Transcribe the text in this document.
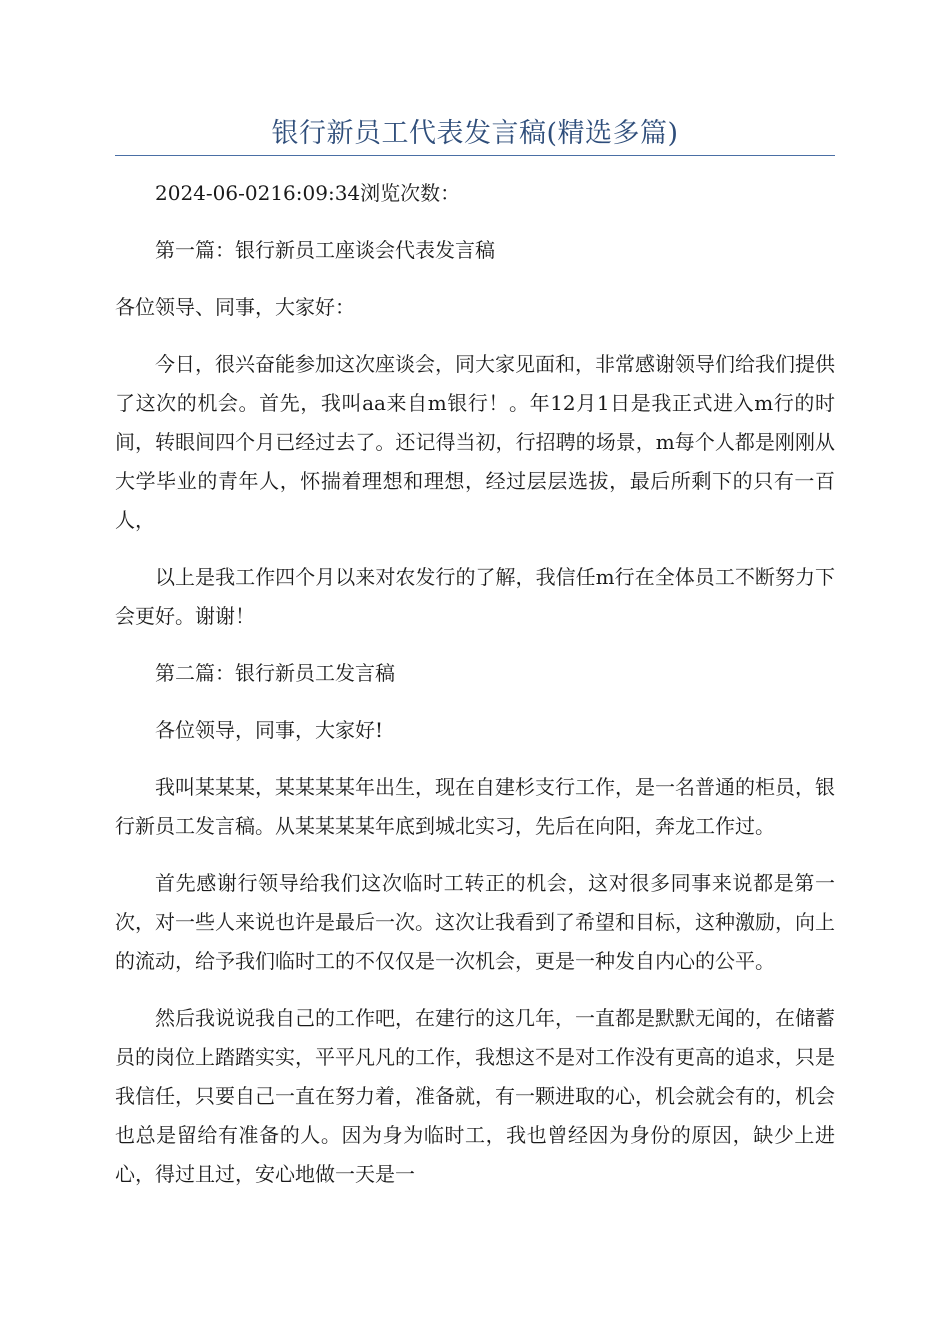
银行新员工代表发言稿(精选多篇)

2024-06-0216:09:34浏览次数：

第一篇：银行新员工座谈会代表发言稿

各位领导、同事，大家好：

今日，很兴奋能参加这次座谈会，同大家见面和，非常感谢领导们给我们提供了这次的机会。首先，我叫aa来自m银行！。年12月1日是我正式进入m行的时间，转眼间四个月已经过去了。还记得当初，行招聘的场景，m每个人都是刚刚从大学毕业的青年人，怀揣着理想和理想，经过层层选拔，最后所剩下的只有一百人，

以上是我工作四个月以来对农发行的了解，我信任m行在全体员工不断努力下会更好。谢谢！

第二篇：银行新员工发言稿

各位领导，同事，大家好!

我叫某某某，某某某某年出生，现在自建杉支行工作，是一名普通的柜员，银行新员工发言稿。从某某某某年底到城北实习，先后在向阳，奔龙工作过。

首先感谢行领导给我们这次临时工转正的机会，这对很多同事来说都是第一次，对一些人来说也许是最后一次。这次让我看到了希望和目标，这种激励，向上的流动，给予我们临时工的不仅仅是一次机会，更是一种发自内心的公平。

然后我说说我自己的工作吧，在建行的这几年，一直都是默默无闻的，在储蓄员的岗位上踏踏实实，平平凡凡的工作，我想这不是对工作没有更高的追求，只是我信任，只要自己一直在努力着，准备就，有一颗进取的心，机会就会有的，机会也总是留给有准备的人。因为身为临时工，我也曾经因为身份的原因，缺少上进心，得过且过，安心地做一天是一
